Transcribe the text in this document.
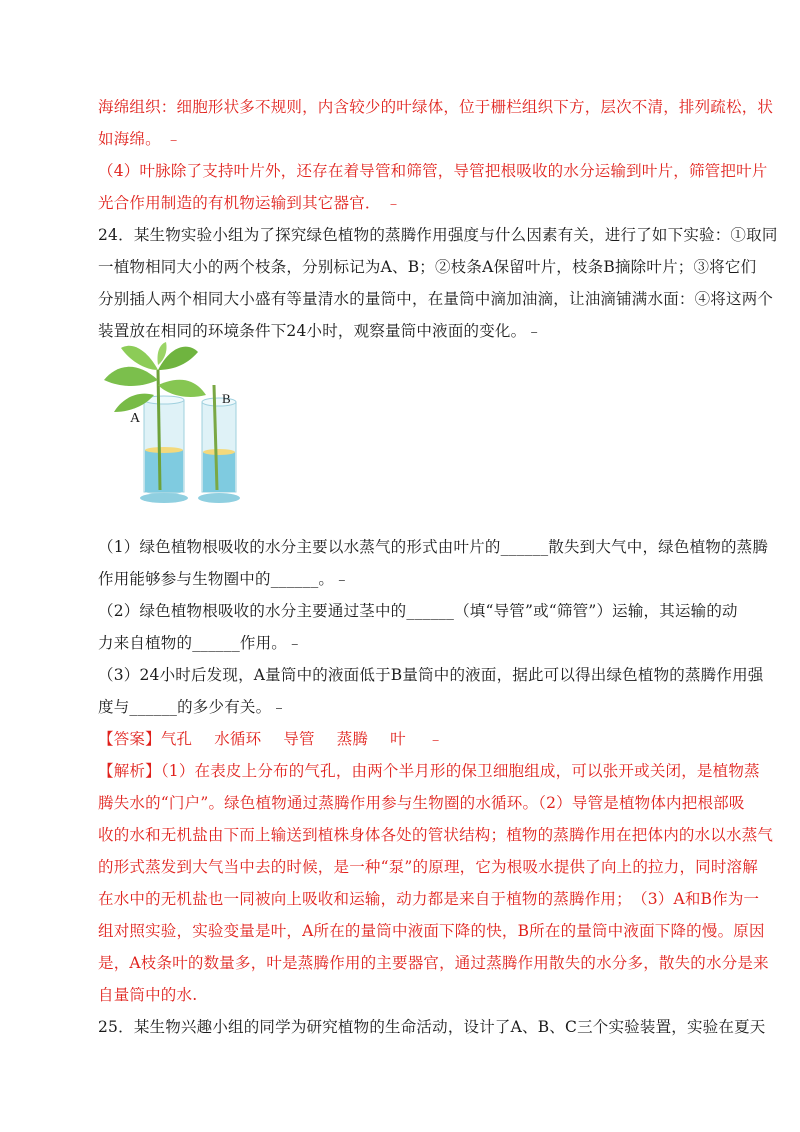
海绵组织：细胞形状多不规则，内含较少的叶绿体，位于栅栏组织下方，层次不清，排列疏松，状
如海绵。 ﹣
（4）叶脉除了支持叶片外，还存在着导管和筛管，导管把根吸收的水分运输到叶片，筛管把叶片
光合作用制造的有机物运输到其它器官． ﹣
24．某生物实验小组为了探究绿色植物的蒸腾作用强度与什么因素有关，进行了如下实验：①取同
一植物相同大小的两个枝条，分别标记为A、B；②枝条A保留叶片，枝条B摘除叶片；③将它们
分别插人两个相同大小盛有等量清水的量筒中，在量筒中滴加油滴，让油滴铺满水面：④将这两个
装置放在相同的环境条件下24小时，观察量筒中液面的变化。﹣
A
B
（1）绿色植物根吸收的水分主要以水蒸气的形式由叶片的______散失到大气中，绿色植物的蒸腾
作用能够参与生物圈中的______。﹣
（2）绿色植物根吸收的水分主要通过茎中的______（填“导管”或“筛管”）运输，其运输的动
力来自植物的______作用。﹣
（3）24小时后发现，A量筒中的液面低于B量筒中的液面，据此可以得出绿色植物的蒸腾作用强
度与______的多少有关。﹣
【答案】气孔 水循环 导管 蒸腾 叶 ﹣
【解析】（1）在表皮上分布的气孔，由两个半月形的保卫细胞组成，可以张开或关闭，是植物蒸
腾失水的“门户”。绿色植物通过蒸腾作用参与生物圈的水循环。（2）导管是植物体内把根部吸
收的水和无机盐由下而上输送到植株身体各处的管状结构；植物的蒸腾作用在把体内的水以水蒸气
的形式蒸发到大气当中去的时候，是一种“泵”的原理，它为根吸水提供了向上的拉力，同时溶解
在水中的无机盐也一同被向上吸收和运输，动力都是来自于植物的蒸腾作用；　（3）A和B作为一
组对照实验，实验变量是叶，A所在的量筒中液面下降的快，B所在的量筒中液面下降的慢。原因
是，A枝条叶的数量多，叶是蒸腾作用的主要器官，通过蒸腾作用散失的水分多，散失的水分是来
自量筒中的水.
25．某生物兴趣小组的同学为研究植物的生命活动，设计了A、B、C三个实验装置，实验在夏天
